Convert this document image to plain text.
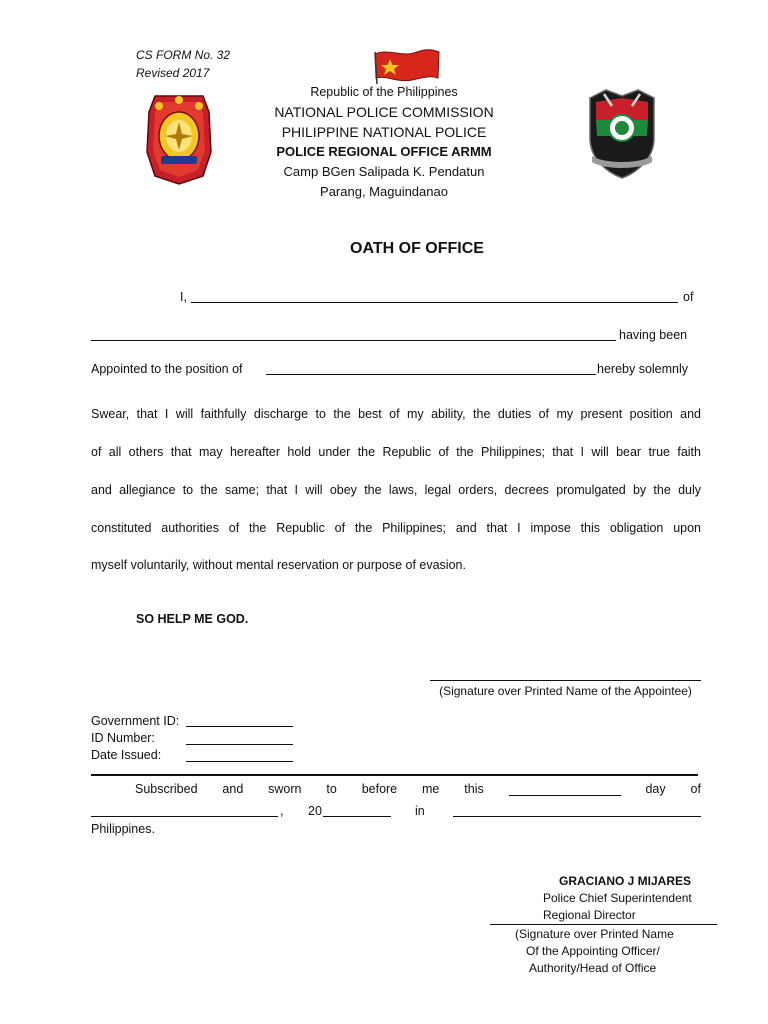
CS FORM No. 32
Revised 2017
Republic of the Philippines
NATIONAL POLICE COMMISSION
PHILIPPINE NATIONAL POLICE
POLICE REGIONAL OFFICE ARMM
Camp BGen Salipada K. Pendatun
Parang, Maguindanao
OATH OF OFFICE
I,	of
having been
Appointed to the position of	hereby solemnly
Swear, that I will faithfully discharge to the best of my ability, the duties of my present position and
of all others that may hereafter hold under the Republic of the Philippines; that I will bear true faith
and allegiance to the same; that I will obey the laws, legal orders, decrees promulgated by the duly
constituted authorities of the Republic of the Philippines; and that I impose this obligation upon
myself voluntarily, without mental reservation or purpose of evasion.
SO HELP ME GOD.
(Signature over Printed Name of the Appointee)
Government ID:
ID Number:
Date Issued:
Subscribed and sworn to before me this	day of
, 20	in
Philippines.
GRACIANO J MIJARES
Police Chief Superintendent
Regional Director
(Signature over Printed Name
Of the Appointing Officer/
Authority/Head of Office
